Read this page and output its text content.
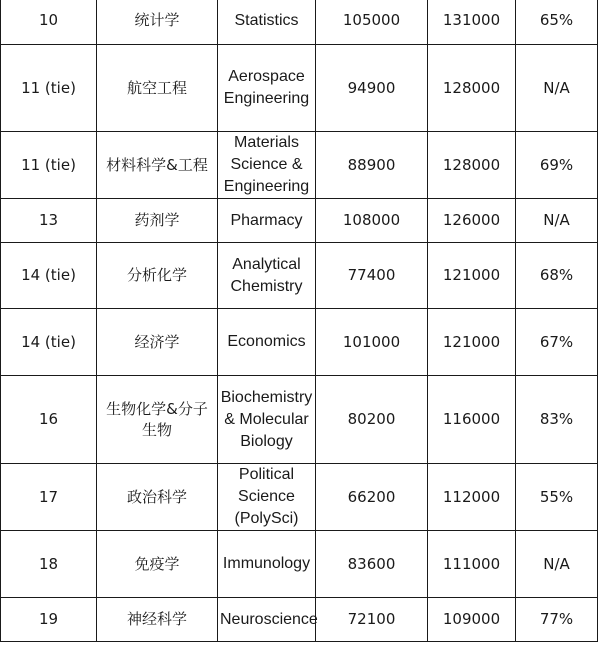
10	统计学	Statistics	105000	131000	65%
11 (tie)	航空工程	Aerospace Engineering	94900	128000	N/A
11 (tie)	材料科学&工程	Materials Science & Engineering	88900	128000	69%
13	药剂学	Pharmacy	108000	126000	N/A
14 (tie)	分析化学	Analytical Chemistry	77400	121000	68%
14 (tie)	经济学	Economics	101000	121000	67%
16	生物化学&分子生物	Biochemistry & Molecular Biology	80200	116000	83%
17	政治科学	Political Science (PolySci)	66200	112000	55%
18	免疫学	Immunology	83600	111000	N/A
19	神经科学	Neuroscience	72100	109000	77%
